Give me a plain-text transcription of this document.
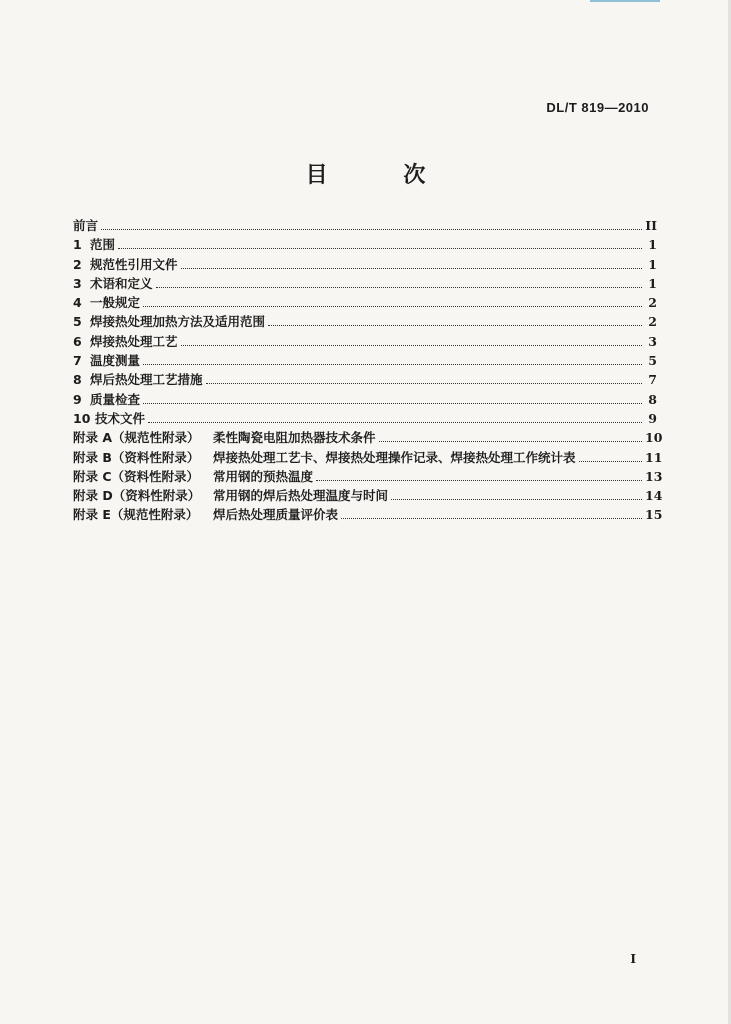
DL/T 819—2010
目 次
前言	II
1 范围	1
2 规范性引用文件	1
3 术语和定义	1
4 一般规定	2
5 焊接热处理加热方法及适用范围	2
6 焊接热处理工艺	3
7 温度测量	5
8 焊后热处理工艺措施	7
9 质量检查	8
10 技术文件	9
附录 A（规范性附录）	柔性陶瓷电阻加热器技术条件	10
附录 B（资料性附录）	焊接热处理工艺卡、焊接热处理操作记录、焊接热处理工作统计表	11
附录 C（资料性附录）	常用钢的预热温度	13
附录 D（资料性附录）	常用钢的焊后热处理温度与时间	14
附录 E（规范性附录）	焊后热处理质量评价表	15
I
